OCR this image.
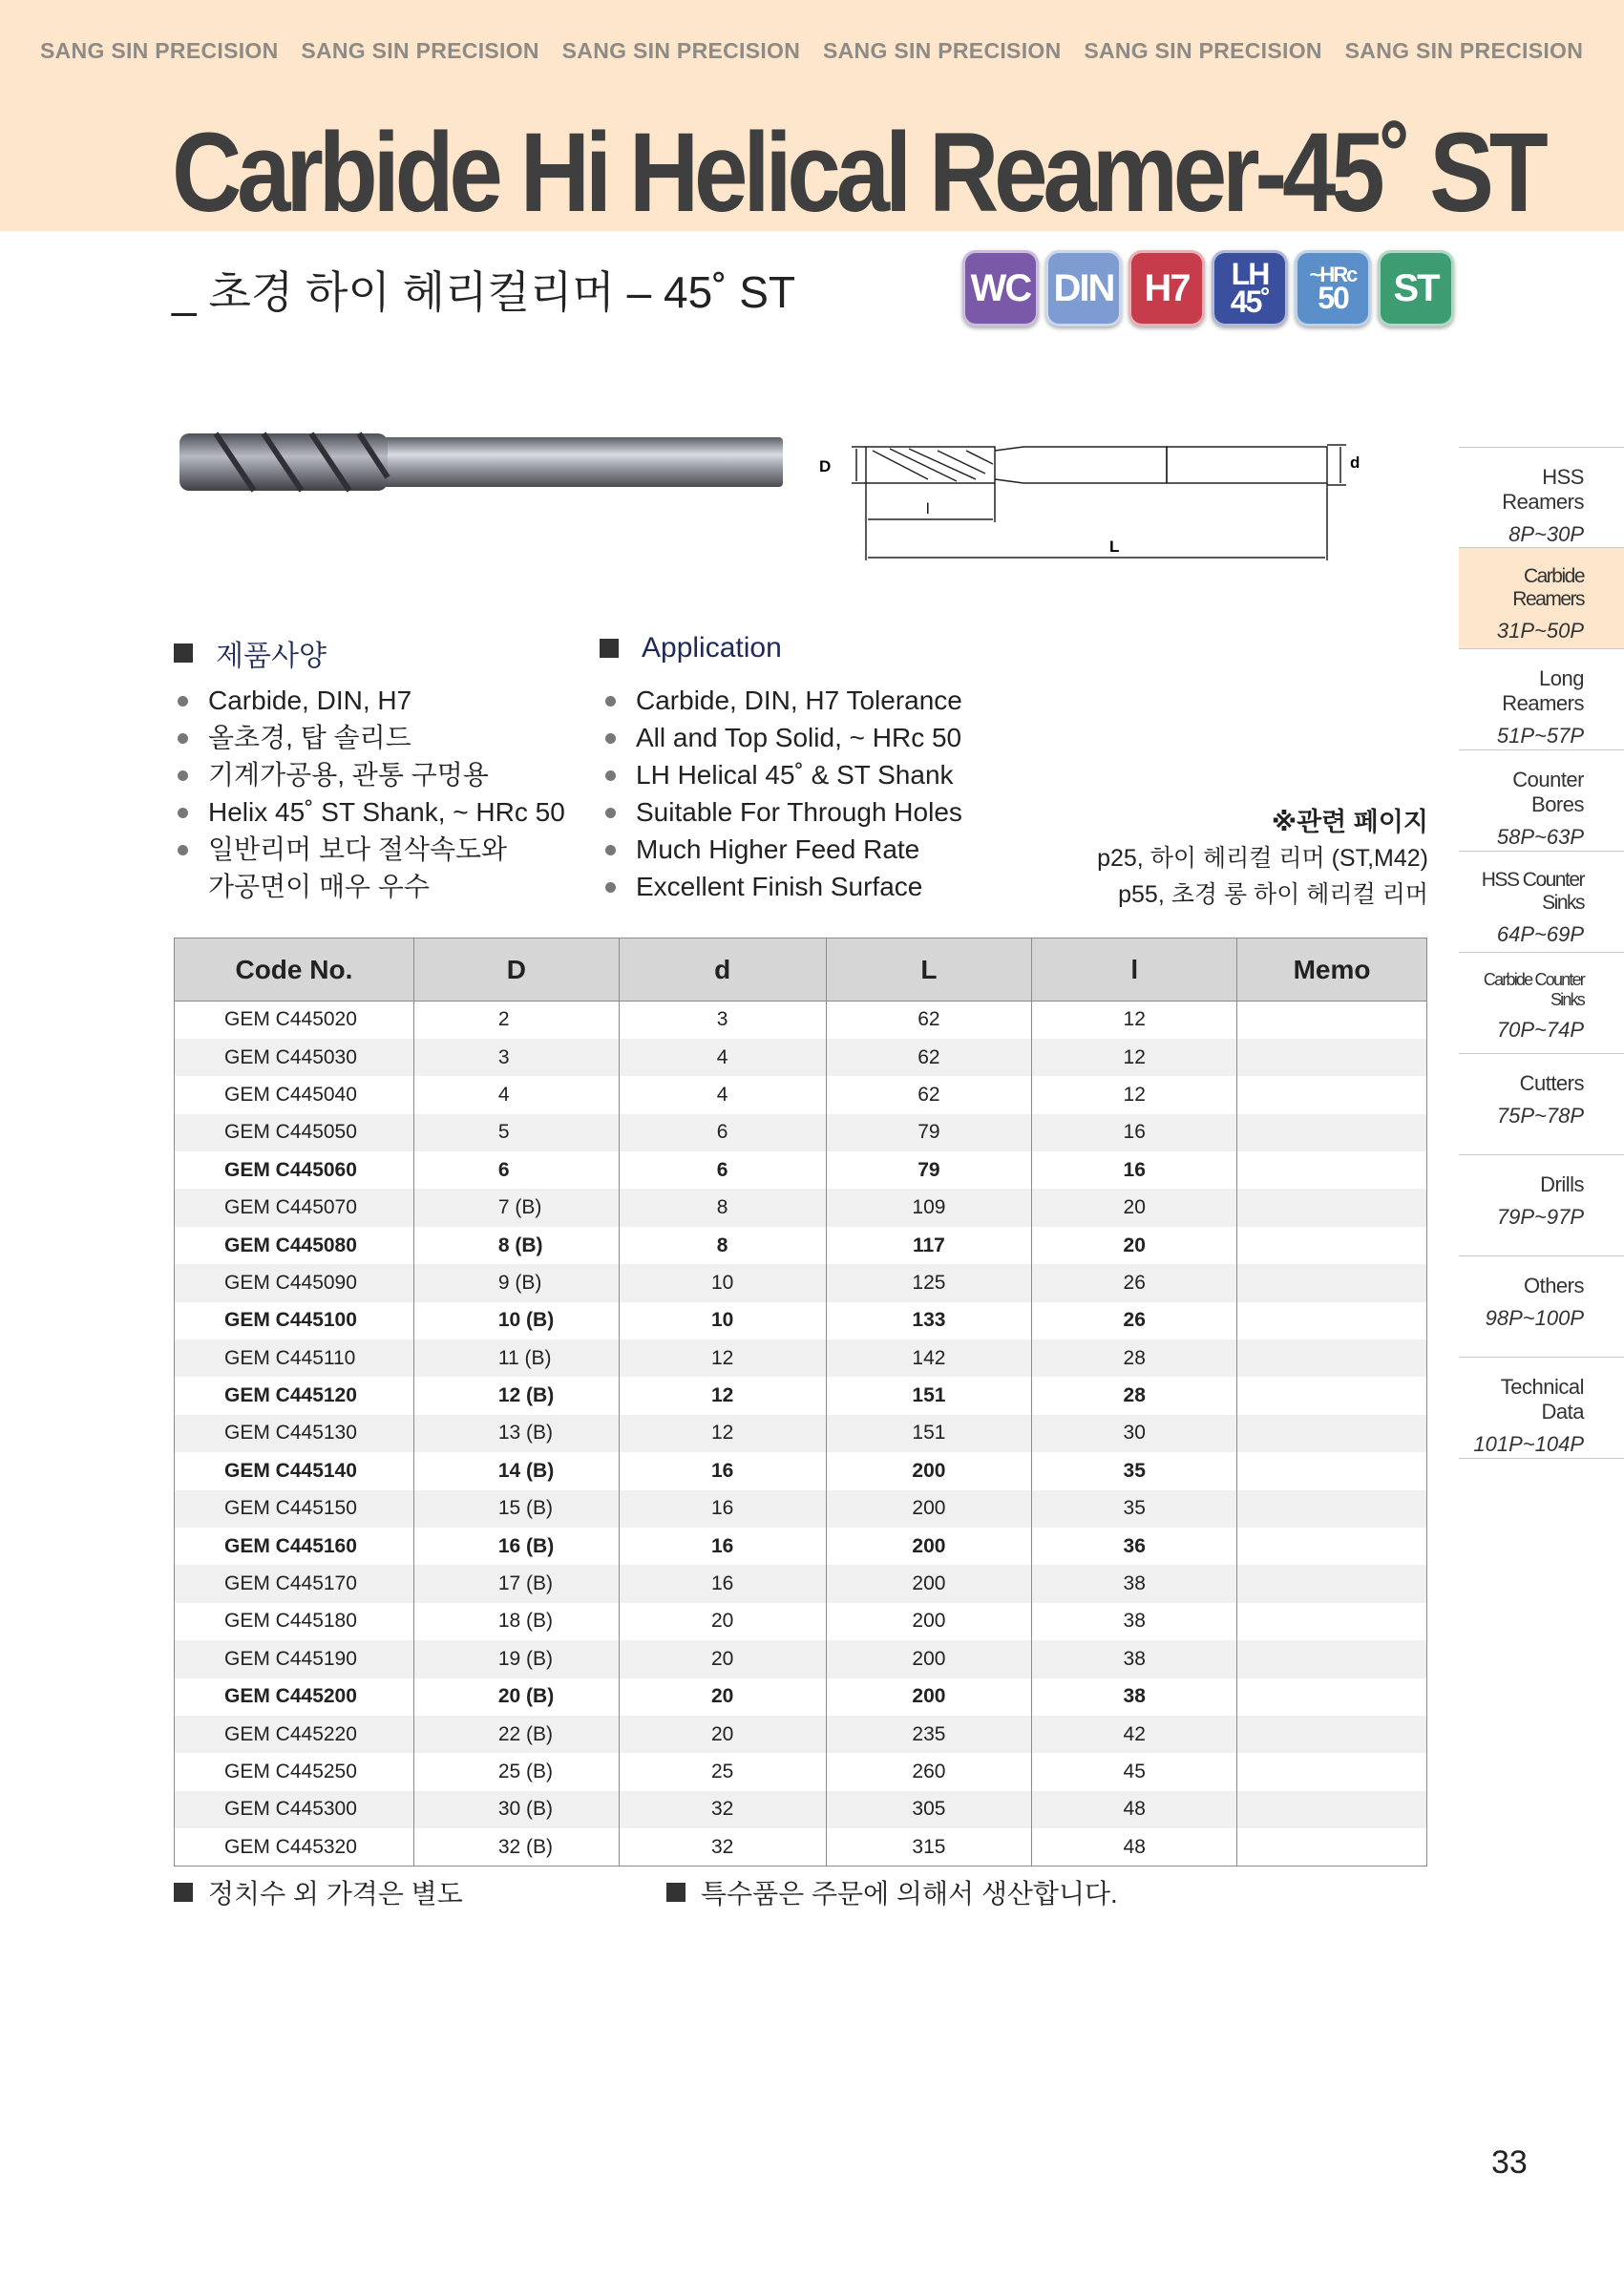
SANG SIN PRECISION	SANG SIN PRECISION	SANG SIN PRECISION	SANG SIN PRECISION	SANG SIN PRECISION	SANG SIN PRECISION
Carbide Hi Helical Reamer-45˚ ST
_ 초경 하이 헤리컬리머 – 45˚ ST	WC DIN H7 LH
45˚
~HRc
50 ST
D	d
l
L
HSS Reamers
8P~30P
Carbide Reamers
31P~50P
Long Reamers
51P~57P
Counter Bores
58P~63P
HSS Counter Sinks
64P~69P
Carbide Counter Sinks
70P~74P
Cutters
75P~78P
Drills
79P~97P
Others
98P~100P
Technical Data
101P~104P
제품사양
Carbide, DIN, H7
올초경, 탑 솔리드
기계가공용, 관통 구멍용
Helix 45˚ ST Shank, ~ HRc 50
일반리머 보다 절삭속도와
가공면이 매우 우수
Application
Carbide, DIN, H7 Tolerance
All and Top Solid, ~ HRc 50
LH Helical 45˚ & ST Shank
Suitable For Through Holes
Much Higher Feed Rate
Excellent Finish Surface
※관련 페이지
p25, 하이 헤리컬 리머 (ST,M42)
p55, 초경 롱 하이 헤리컬 리머
Code No.	D	d	L	l	Memo
GEM C445020	2	3	62	12	
GEM C445030	3	4	62	12	
GEM C445040	4	4	62	12	
GEM C445050	5	6	79	16	
GEM C445060	6	6	79	16	
GEM C445070	7 (B)	8	109	20	
GEM C445080	8 (B)	8	117	20	
GEM C445090	9 (B)	10	125	26	
GEM C445100	10 (B)	10	133	26	
GEM C445110	11 (B)	12	142	28	
GEM C445120	12 (B)	12	151	28	
GEM C445130	13 (B)	12	151	30	
GEM C445140	14 (B)	16	200	35	
GEM C445150	15 (B)	16	200	35	
GEM C445160	16 (B)	16	200	36	
GEM C445170	17 (B)	16	200	38	
GEM C445180	18 (B)	20	200	38	
GEM C445190	19 (B)	20	200	38	
GEM C445200	20 (B)	20	200	38	
GEM C445220	22 (B)	20	235	42	
GEM C445250	25 (B)	25	260	45	
GEM C445300	30 (B)	32	305	48	
GEM C445320	32 (B)	32	315	48	
정치수 외 가격은 별도	특수품은 주문에 의해서 생산합니다.
33
